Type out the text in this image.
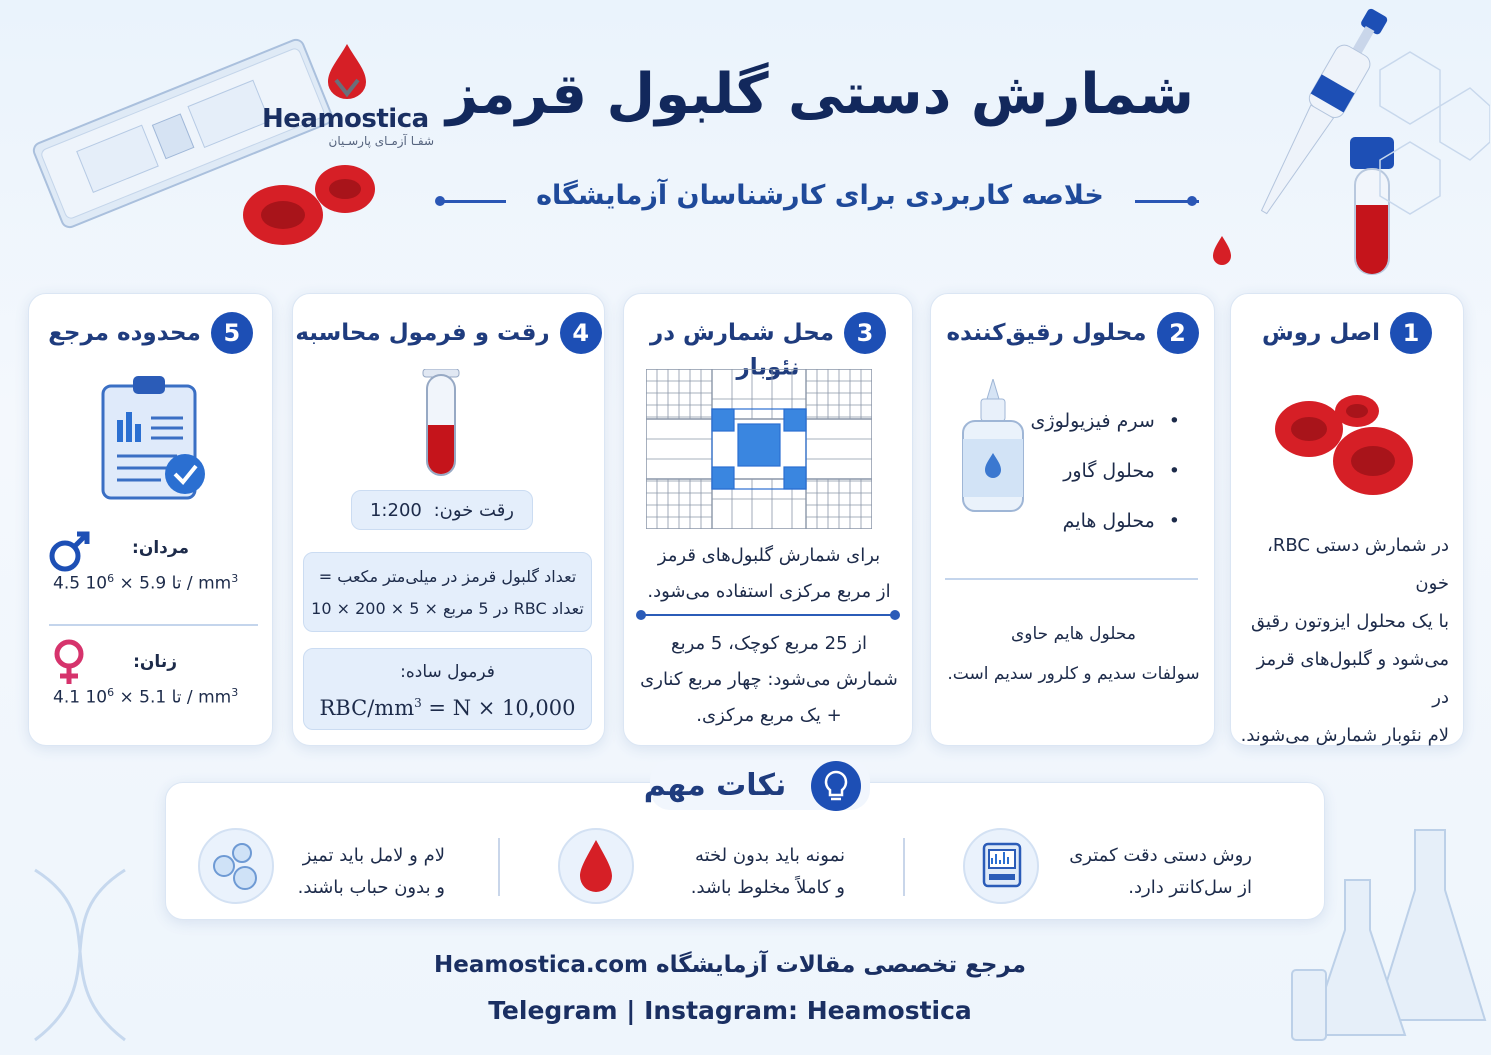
Heamostica
شفـا آزمـای پارسـیان
شمارش دستی گلبول قرمز
خلاصه کاربردی برای کارشناسان آزمایشگاه
1اصل روش
در شمارش دستی RBC، خون
با یک محلول ایزوتون رقیق
می‌شود و گلبول‌های قرمز در
لام نئوبار شمارش می‌شوند.
2محلول رقیق‌کننده
• سرم فیزیولوژی
• محلول گاور
• محلول هایم
محلول هایم حاوی
سولفات سدیم و کلرور سدیم است.
3محل شمارش در نئوبار
برای شمارش گلبول‌های قرمز
از مربع مرکزی استفاده می‌شود.
از 25 مربع کوچک، 5 مربع
شمارش می‌شود: چهار مربع کناری
+ یک مربع مرکزی.
4رقت و فرمول محاسبه
رقت خون: 1:200
تعداد گلبول قرمز در میلی‌متر مکعب =
تعداد RBC در 5 مربع × 5 × 200 × 10
فرمول ساده:
RBC/$mm^3 = N \times 10,000$
5محدوده مرجع
مردان:
4.5	تا $5.9 \times 10^6$	/ $mm^3$
زنان:
4.1	تا $5.1 \times 10^6$	/ $mm^3$
نکات مهم
روش دستی دقت کمتری
از سل‌کانتر دارد.
نمونه باید بدون لخته
و کاملاً مخلوط باشد.
لام و لامل باید تمیز
و بدون حباب باشند.
مرجع تخصصی مقالات آزمایشگاه Heamostica.com
Telegram | Instagram: Heamostica
